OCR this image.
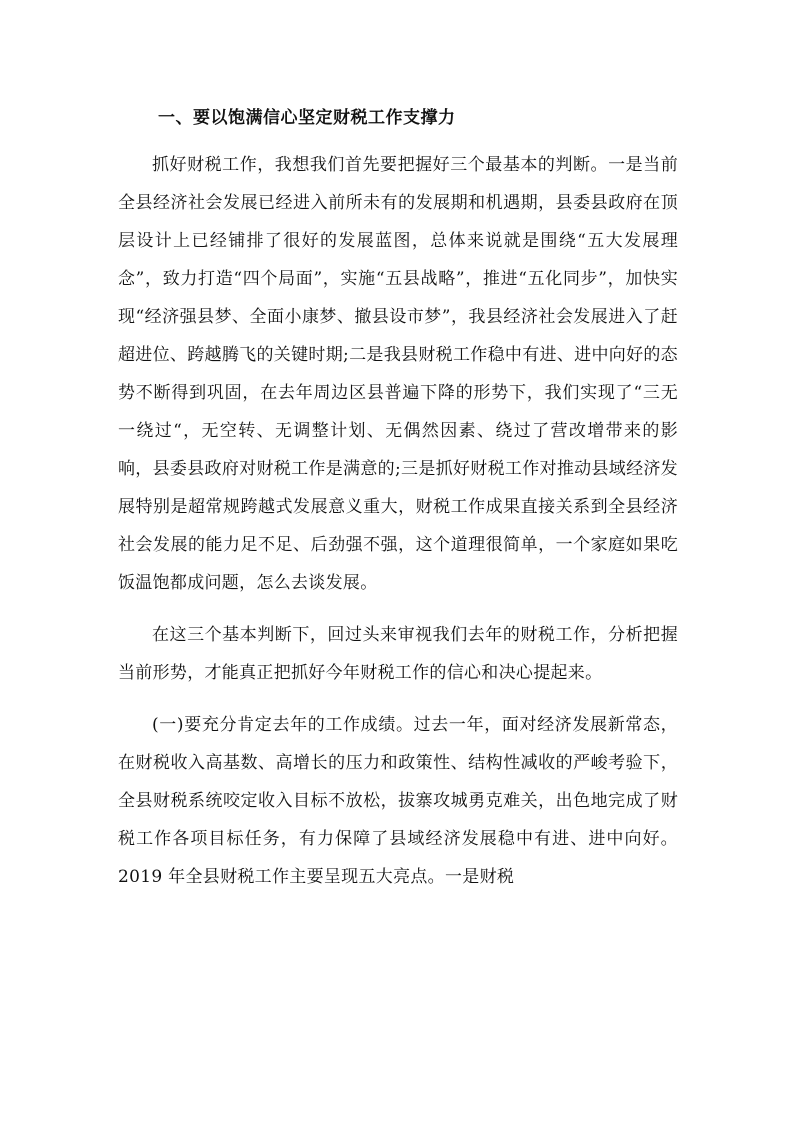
一、要以饱满信心坚定财税工作支撑力

抓好财税工作，我想我们首先要把握好三个最基本的判断。一是当前全县经济社会发展已经进入前所未有的发展期和机遇期，县委县政府在顶层设计上已经铺排了很好的发展蓝图，总体来说就是围绕“五大发展理念”，致力打造“四个局面”，实施“五县战略”，推进“五化同步”，加快实现“经济强县梦、全面小康梦、撤县设市梦”，我县经济社会发展进入了赶超进位、跨越腾飞的关键时期;二是我县财税工作稳中有进、进中向好的态势不断得到巩固，在去年周边区县普遍下降的形势下，我们实现了“三无一绕过“，无空转、无调整计划、无偶然因素、绕过了营改增带来的影响，县委县政府对财税工作是满意的;三是抓好财税工作对推动县域经济发展特别是超常规跨越式发展意义重大，财税工作成果直接关系到全县经济社会发展的能力足不足、后劲强不强，这个道理很简单，一个家庭如果吃饭温饱都成问题，怎么去谈发展。

在这三个基本判断下，回过头来审视我们去年的财税工作，分析把握当前形势，才能真正把抓好今年财税工作的信心和决心提起来。

(一)要充分肯定去年的工作成绩。过去一年，面对经济发展新常态，在财税收入高基数、高增长的压力和政策性、结构性减收的严峻考验下，全县财税系统咬定收入目标不放松，拔寨攻城勇克难关，出色地完成了财税工作各项目标任务，有力保障了县域经济发展稳中有进、进中向好。2019 年全县财税工作主要呈现五大亮点。一是财税
